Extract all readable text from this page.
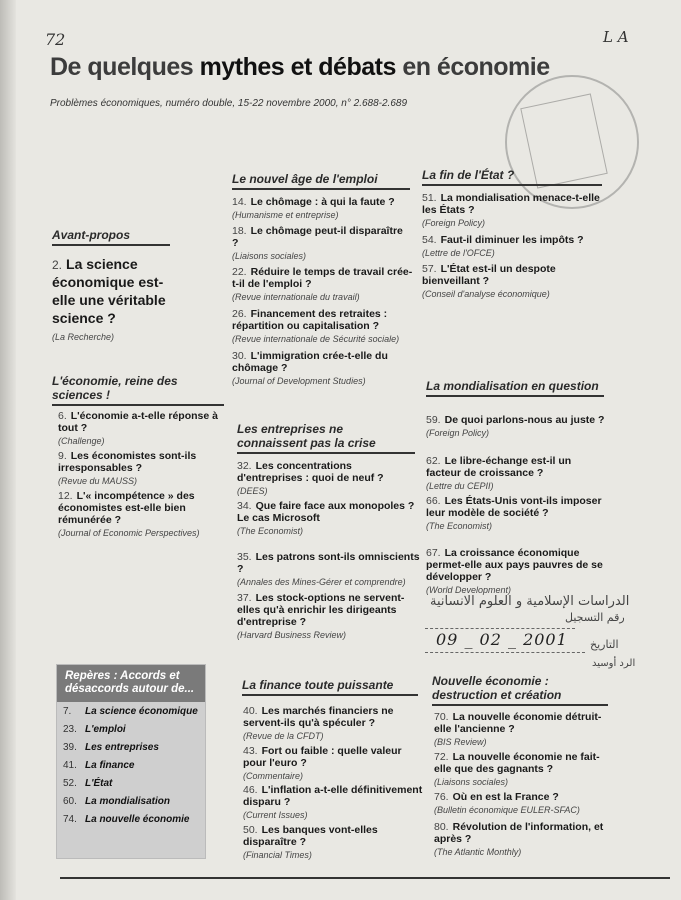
72	L A
De quelques mythes et débats en économie
Problèmes économiques, numéro double, 15-22 novembre 2000, n° 2.688-2.689
Avant-propos
2. La science économique est-elle une véritable science ?
(La Recherche)
L'économie, reine des sciences !
6. L'économie a-t-elle réponse à tout ?
(Challenge)
9. Les économistes sont-ils irresponsables ?
(Revue du MAUSS)
12. L'« incompétence » des économistes est-elle bien rémunérée ?
(Journal of Economic Perspectives)
Repères : Accords et désaccords autour de...
7.	La science économique
23. L'emploi
39. Les entreprises
41. La finance
52. L'État
60. La mondialisation
74. La nouvelle économie
Le nouvel âge de l'emploi
14. Le chômage : à qui la faute ?
(Humanisme et entreprise)
18. Le chômage peut-il disparaître ?
(Liaisons sociales)
22. Réduire le temps de travail crée-t-il de l'emploi ?
(Revue internationale du travail)
26. Financement des retraites : répartition ou capitalisation ?
(Revue internationale de Sécurité sociale)
30. L'immigration crée-t-elle du chômage ?
(Journal of Development Studies)
Les entreprises ne connaissent pas la crise
32. Les concentrations d'entreprises : quoi de neuf ?
(DEES)
34. Que faire face aux monopoles ? Le cas Microsoft
(The Economist)
35. Les patrons sont-ils omniscients ?
(Annales des Mines-Gérer et comprendre)
37. Les stock-options ne servent-elles qu'à enrichir les dirigeants d'entreprise ?
(Harvard Business Review)
La finance toute puissante
40. Les marchés financiers ne servent-ils qu'à spéculer ?
(Revue de la CFDT)
43. Fort ou faible : quelle valeur pour l'euro ?
(Commentaire)
46. L'inflation a-t-elle définitivement disparu ?
(Current Issues)
50. Les banques vont-elles disparaître ?
(Financial Times)
La fin de l'État ?
51. La mondialisation menace-t-elle les États ?
(Foreign Policy)
54. Faut-il diminuer les impôts ?
(Lettre de l'OFCE)
57. L'État est-il un despote bienveillant ?
(Conseil d'analyse économique)
La mondialisation en question
59. De quoi parlons-nous au juste ?
(Foreign Policy)
62. Le libre-échange est-il un facteur de croissance ?
(Lettre du CEPII)
66. Les États-Unis vont-ils imposer leur modèle de société ?
(The Economist)
67. La croissance économique permet-elle aux pays pauvres de se développer ?
(World Development)
الدراسات الإسلامية و العلوم الانسانية
رقم التسجيل
التاريخ
09 _ 02 _ 2001
الرد أوسيد
Nouvelle économie : destruction et création
70. La nouvelle économie détruit-elle l'ancienne ?
(BIS Review)
72. La nouvelle économie ne fait-elle que des gagnants ?
(Liaisons sociales)
76. Où en est la France ?
(Bulletin économique EULER-SFAC)
80. Révolution de l'information, et après ?
(The Atlantic Monthly)
